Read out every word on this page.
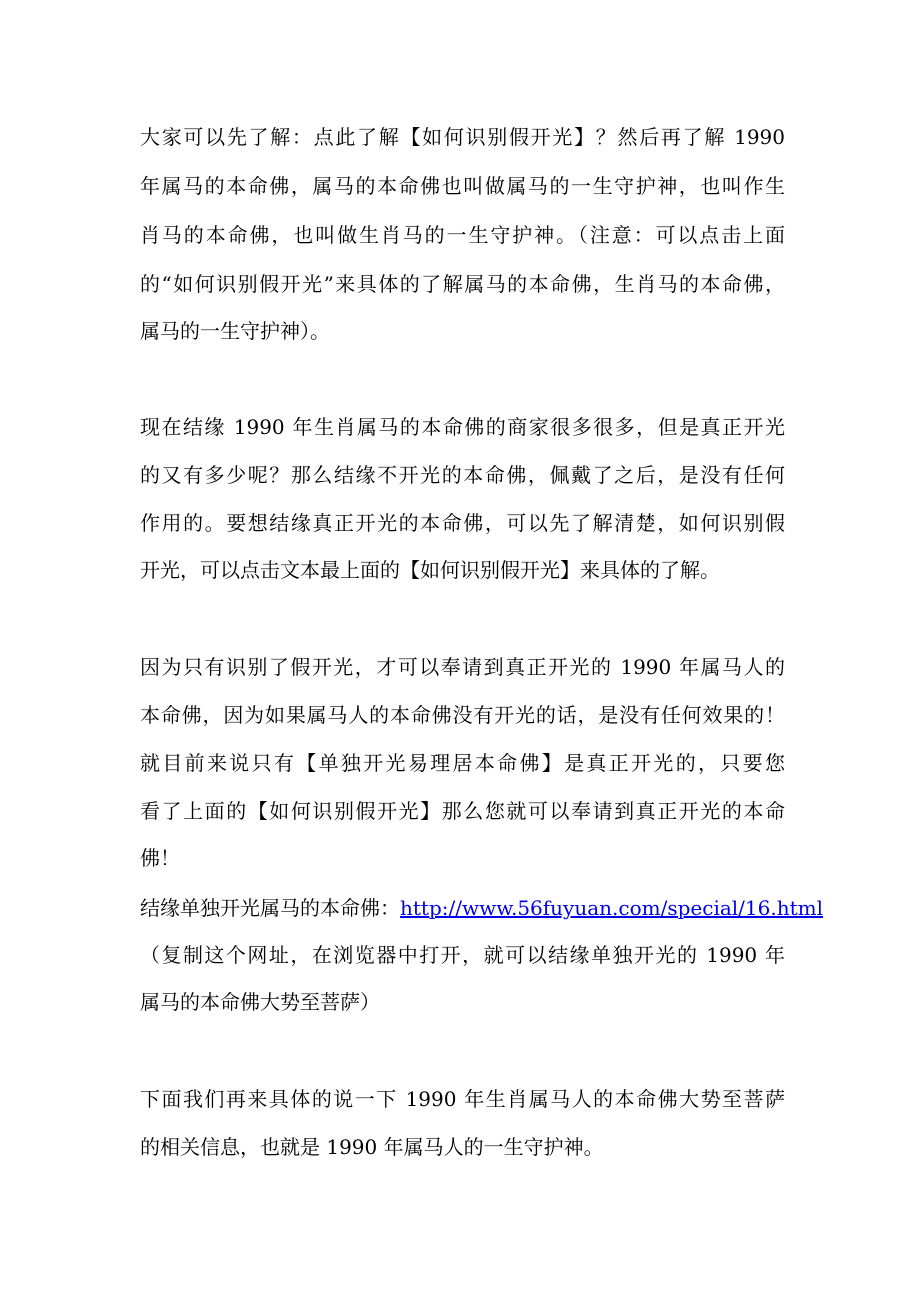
大家可以先了解：点此了解【如何识别假开光】？然后再了解 1990
年属马的本命佛，属马的本命佛也叫做属马的一生守护神，也叫作生
肖马的本命佛，也叫做生肖马的一生守护神。（注意：可以点击上面
的“如何识别假开光”来具体的了解属马的本命佛，生肖马的本命佛，
属马的一生守护神）。
现在结缘 1990 年生肖属马的本命佛的商家很多很多，但是真正开光
的又有多少呢？那么结缘不开光的本命佛，佩戴了之后，是没有任何
作用的。要想结缘真正开光的本命佛，可以先了解清楚，如何识别假
开光，可以点击文本最上面的【如何识别假开光】来具体的了解。
因为只有识别了假开光，才可以奉请到真正开光的 1990 年属马人的
本命佛，因为如果属马人的本命佛没有开光的话，是没有任何效果的！
就目前来说只有【单独开光易理居本命佛】是真正开光的，只要您
看了上面的【如何识别假开光】那么您就可以奉请到真正开光的本命
佛！
结缘单独开光属马的本命佛：http://www.56fuyuan.com/special/16.html
（复制这个网址，在浏览器中打开，就可以结缘单独开光的 1990 年
属马的本命佛大势至菩萨）
下面我们再来具体的说一下 1990 年生肖属马人的本命佛大势至菩萨
的相关信息，也就是 1990 年属马人的一生守护神。
